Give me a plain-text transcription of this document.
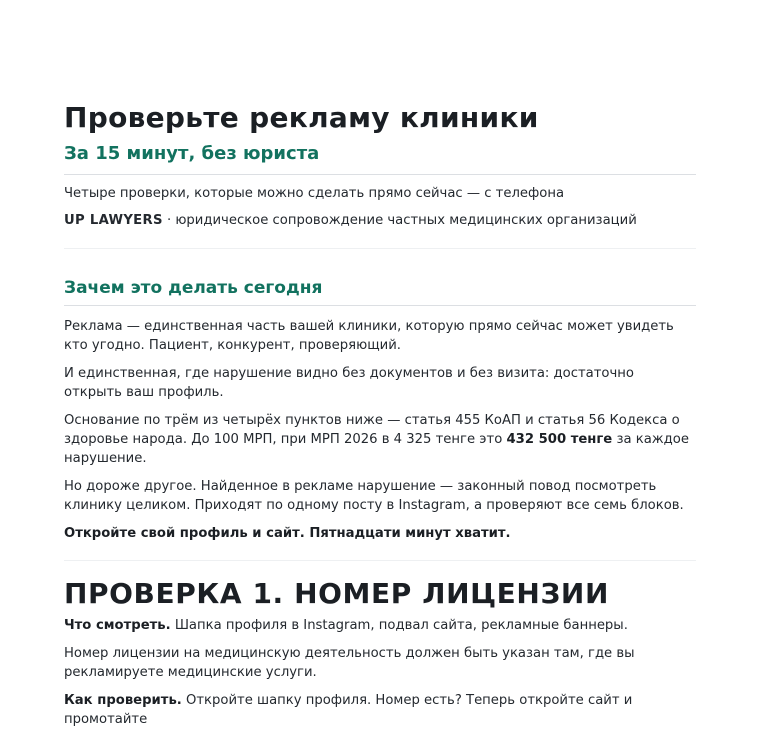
Проверьте рекламу клиники
За 15 минут, без юриста

Четыре проверки, которые можно сделать прямо сейчас — с телефона

UP LAWYERS · юридическое сопровождение частных медицинских организаций

Зачем это делать сегодня

Реклама — единственная часть вашей клиники, которую прямо сейчас может увидеть кто угодно. Пациент, конкурент, проверяющий.

И единственная, где нарушение видно без документов и без визита: достаточно открыть ваш профиль.

Основание по трём из четырёх пунктов ниже — статья 455 КоАП и статья 56 Кодекса о здоровье народа. До 100 МРП, при МРП 2026 в 4 325 тенге это 432 500 тенге за каждое нарушение.

Но дороже другое. Найденное в рекламе нарушение — законный повод посмотреть клинику целиком. Приходят по одному посту в Instagram, а проверяют все семь блоков.

Откройте свой профиль и сайт. Пятнадцати минут хватит.

ПРОВЕРКА 1. НОМЕР ЛИЦЕНЗИИ

Что смотреть. Шапка профиля в Instagram, подвал сайта, рекламные баннеры.

Номер лицензии на медицинскую деятельность должен быть указан там, где вы рекламируете медицинские услуги.

Как проверить. Откройте шапку профиля. Номер есть? Теперь откройте сайт и промотайте
